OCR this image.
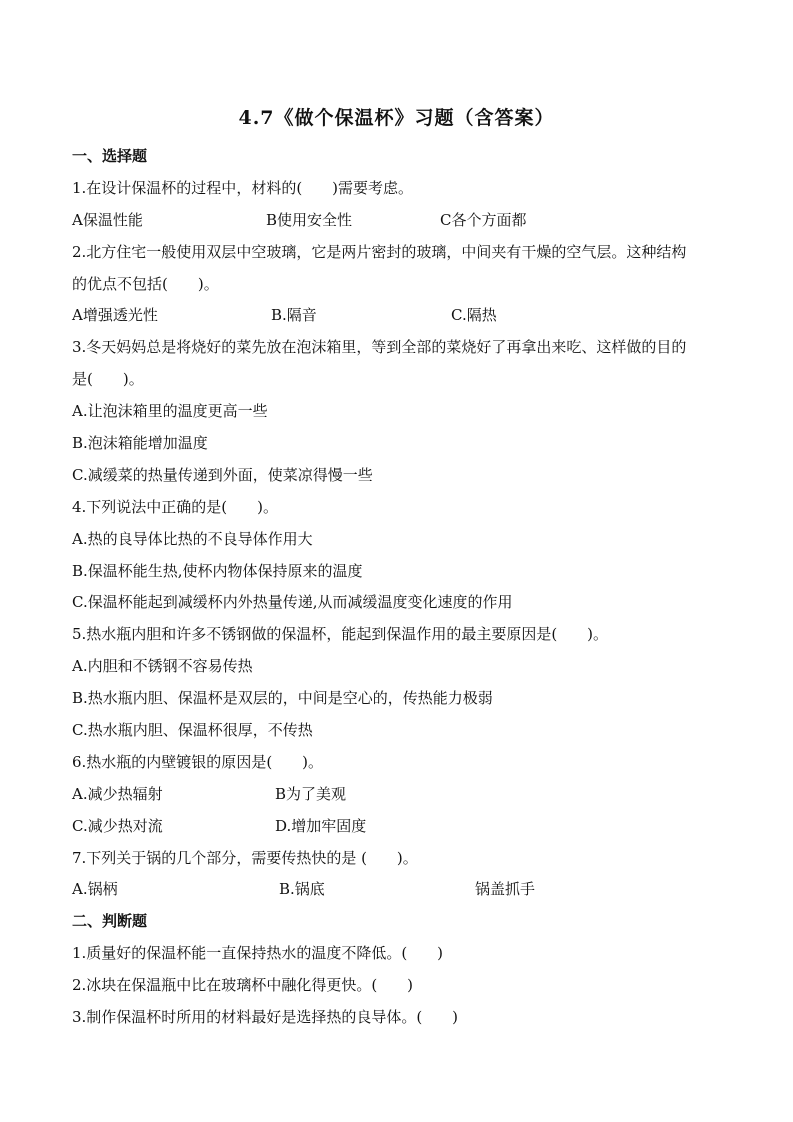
4.7《做个保温杯》习题（含答案）
一、选择题
1.在设计保温杯的过程中，材料的(　　)需要考虑。
A保温性能	B使用安全性	C各个方面都
2.北方住宅一般使用双层中空玻璃，它是两片密封的玻璃，中间夹有干燥的空气层。这种结构
的优点不包括(　　)。
A增强透光性	B.隔音	C.隔热
3.冬天妈妈总是将烧好的菜先放在泡沫箱里，等到全部的菜烧好了再拿出来吃、这样做的目的
是(　　)。
A.让泡沫箱里的温度更高一些
B.泡沫箱能增加温度
C.减缓菜的热量传递到外面，使菜凉得慢一些
4.下列说法中正确的是(　　)。
A.热的良导体比热的不良导体作用大
B.保温杯能生热,使杯内物体保持原来的温度
C.保温杯能起到减缓杯内外热量传递,从而减缓温度变化速度的作用
5.热水瓶内胆和许多不锈钢做的保温杯，能起到保温作用的最主要原因是(　　)。
A.内胆和不锈钢不容易传热
B.热水瓶内胆、保温杯是双层的，中间是空心的，传热能力极弱
C.热水瓶内胆、保温杯很厚，不传热
6.热水瓶的内壁镀银的原因是(　　)。
A.减少热辐射	B为了美观
C.减少热对流	D.增加牢固度
7.下列关于锅的几个部分，需要传热快的是 (　　)。
A.锅柄	B.锅底	锅盖抓手
二、判断题
1.质量好的保温杯能一直保持热水的温度不降低。(　　)
2.冰块在保温瓶中比在玻璃杯中融化得更快。(　　)
3.制作保温杯时所用的材料最好是选择热的良导体。(　　)
